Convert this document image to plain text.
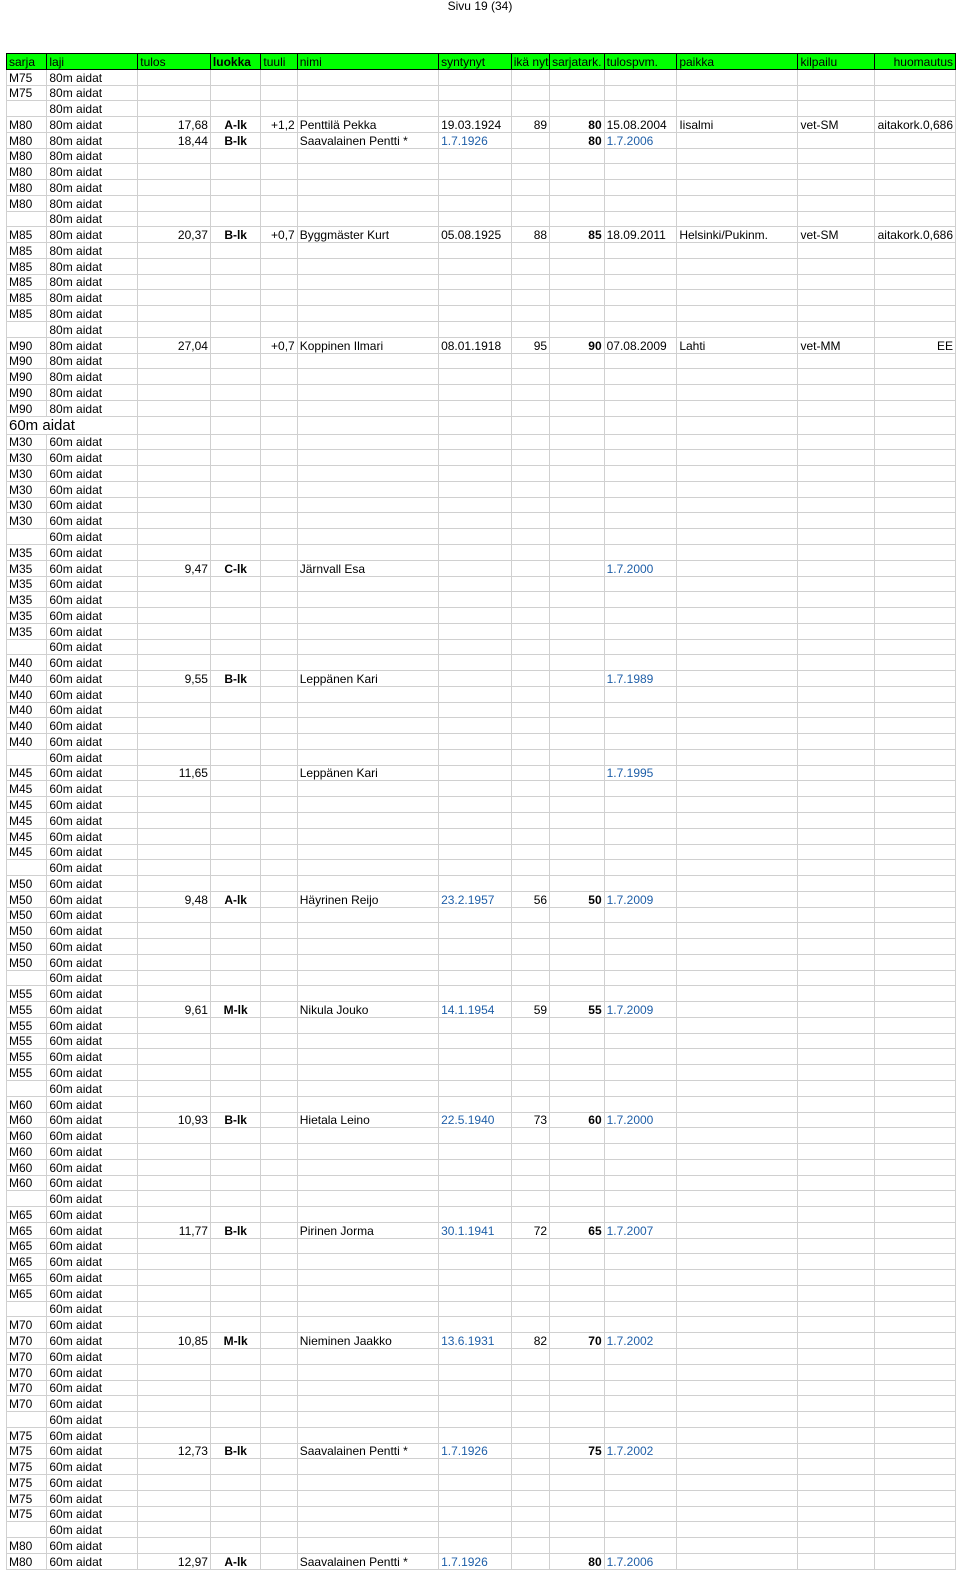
Sivu 19 (34)
sarja	laji	tulos	luokka	tuuli	nimi	syntynyt	ikä nyt	sarjatark.	tulospvm.	paikka	kilpailu	huomautus
M75	80m aidat											
M75	80m aidat											
	80m aidat											
M80	80m aidat	17,68	A-lk	+1,2	Penttilä Pekka	19.03.1924	89	80	15.08.2004	Iisalmi	vet-SM	aitakork.0,686
M80	80m aidat	18,44	B-lk		Saavalainen Pentti *	1.7.1926		80	1.7.2006			
M80	80m aidat											
M80	80m aidat											
M80	80m aidat											
M80	80m aidat											
	80m aidat											
M85	80m aidat	20,37	B-lk	+0,7	Byggmäster Kurt	05.08.1925	88	85	18.09.2011	Helsinki/Pukinm.	vet-SM	aitakork.0,686
M85	80m aidat											
M85	80m aidat											
M85	80m aidat											
M85	80m aidat											
M85	80m aidat											
	80m aidat											
M90	80m aidat	27,04		+0,7	Koppinen Ilmari	08.01.1918	95	90	07.08.2009	Lahti	vet-MM	EE
M90	80m aidat											
M90	80m aidat											
M90	80m aidat											
M90	80m aidat											
60m aidat												
M30	60m aidat											
M30	60m aidat											
M30	60m aidat											
M30	60m aidat											
M30	60m aidat											
M30	60m aidat											
	60m aidat											
M35	60m aidat											
M35	60m aidat	9,47	C-lk		Järnvall Esa				1.7.2000			
M35	60m aidat											
M35	60m aidat											
M35	60m aidat											
M35	60m aidat											
	60m aidat											
M40	60m aidat											
M40	60m aidat	9,55	B-lk		Leppänen Kari				1.7.1989			
M40	60m aidat											
M40	60m aidat											
M40	60m aidat											
M40	60m aidat											
	60m aidat											
M45	60m aidat	11,65			Leppänen Kari				1.7.1995			
M45	60m aidat											
M45	60m aidat											
M45	60m aidat											
M45	60m aidat											
M45	60m aidat											
	60m aidat											
M50	60m aidat											
M50	60m aidat	9,48	A-lk		Häyrinen Reijo	23.2.1957	56	50	1.7.2009			
M50	60m aidat											
M50	60m aidat											
M50	60m aidat											
M50	60m aidat											
	60m aidat											
M55	60m aidat											
M55	60m aidat	9,61	M-lk		Nikula Jouko	14.1.1954	59	55	1.7.2009			
M55	60m aidat											
M55	60m aidat											
M55	60m aidat											
M55	60m aidat											
	60m aidat											
M60	60m aidat											
M60	60m aidat	10,93	B-lk		Hietala Leino	22.5.1940	73	60	1.7.2000			
M60	60m aidat											
M60	60m aidat											
M60	60m aidat											
M60	60m aidat											
	60m aidat											
M65	60m aidat											
M65	60m aidat	11,77	B-lk		Pirinen Jorma	30.1.1941	72	65	1.7.2007			
M65	60m aidat											
M65	60m aidat											
M65	60m aidat											
M65	60m aidat											
	60m aidat											
M70	60m aidat											
M70	60m aidat	10,85	M-lk		Nieminen Jaakko	13.6.1931	82	70	1.7.2002			
M70	60m aidat											
M70	60m aidat											
M70	60m aidat											
M70	60m aidat											
	60m aidat											
M75	60m aidat											
M75	60m aidat	12,73	B-lk		Saavalainen Pentti *	1.7.1926		75	1.7.2002			
M75	60m aidat											
M75	60m aidat											
M75	60m aidat											
M75	60m aidat											
	60m aidat											
M80	60m aidat											
M80	60m aidat	12,97	A-lk		Saavalainen Pentti *	1.7.1926		80	1.7.2006			
